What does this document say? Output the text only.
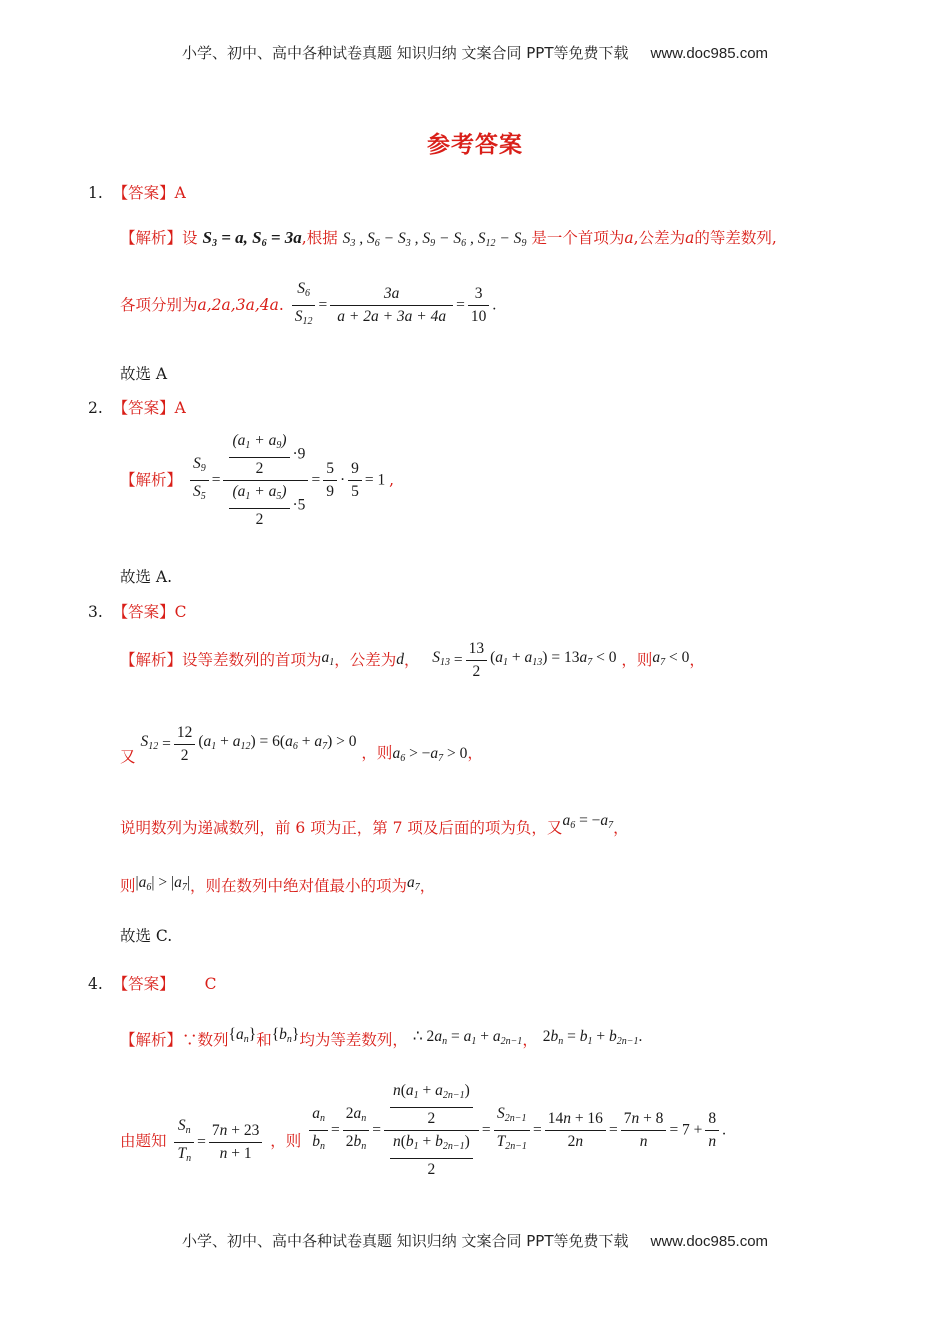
小学、初中、高中各种试卷真题 知识归纳 文案合同 PPT等免费下载 www.doc985.com
参考答案
1. 【答案】A
【解析】设 $S_3 = a$, $S_6 = 3a$,根据 $S_3$ , $S_6 - S_3$ , $S_9 - S_6$ , $S_{12} - S_9$ 是一个首项为a,公差为a的等差数列,
各项分别为a,2a,3a,4a. $\frac{S_6}{S_{12}} = \frac{3a}{a + 2a + 3a + 4a} = \frac{3}{10}$ .
故选 A
2. 【答案】A
【解析】 $\frac{S_9}{S_5} = \frac{\frac{(a_1 + a_9)}{2} \cdot 9}{\frac{(a_1 + a_5)}{2} \cdot 5} = \frac{5}{9} \cdot \frac{9}{5} = 1$ ,
故选 A.
3. 【答案】C
【解析】设等差数列的首项为$a_1$，公差为d， $S_{13} = \frac{13}{2} (a_1 + a_{13}) = 13a_7 < 0$ ，则$a_7 < 0$，
又 $S_{12} = \frac{12}{2} (a_1 + a_{12}) = 6(a_6 + a_7) > 0$ ，则$a_6 > -a_7 > 0$，
说明数列为递减数列，前 6 项为正，第 7 项及后面的项为负，又$a_6 = -a_7$，
则$|a_6| > |a_7|$，则在数列中绝对值最小的项为$a_7$，
故选 C.
4. 【答案】 C
【解析】∵数列$\{a_n\}$和$\{b_n\}$均为等差数列， ∴ $2a_n = a_1 + a_{2n-1}$， $2b_n = b_1 + b_{2n-1}$.
由题知 $\frac{S_n}{T_n} = \frac{7n + 23}{n + 1}$ ，则 $\frac{a_n}{b_n} = \frac{2a_n}{2b_n} = \frac{\frac{n(a_1 + a_{2n-1})}{2}}{\frac{n(b_1 + b_{2n-1})}{2}} = \frac{S_{2n-1}}{T_{2n-1}} = \frac{14n + 16}{2n} = \frac{7n + 8}{n} = 7 + \frac{8}{n}$ .
小学、初中、高中各种试卷真题 知识归纳 文案合同 PPT等免费下载 www.doc985.com
